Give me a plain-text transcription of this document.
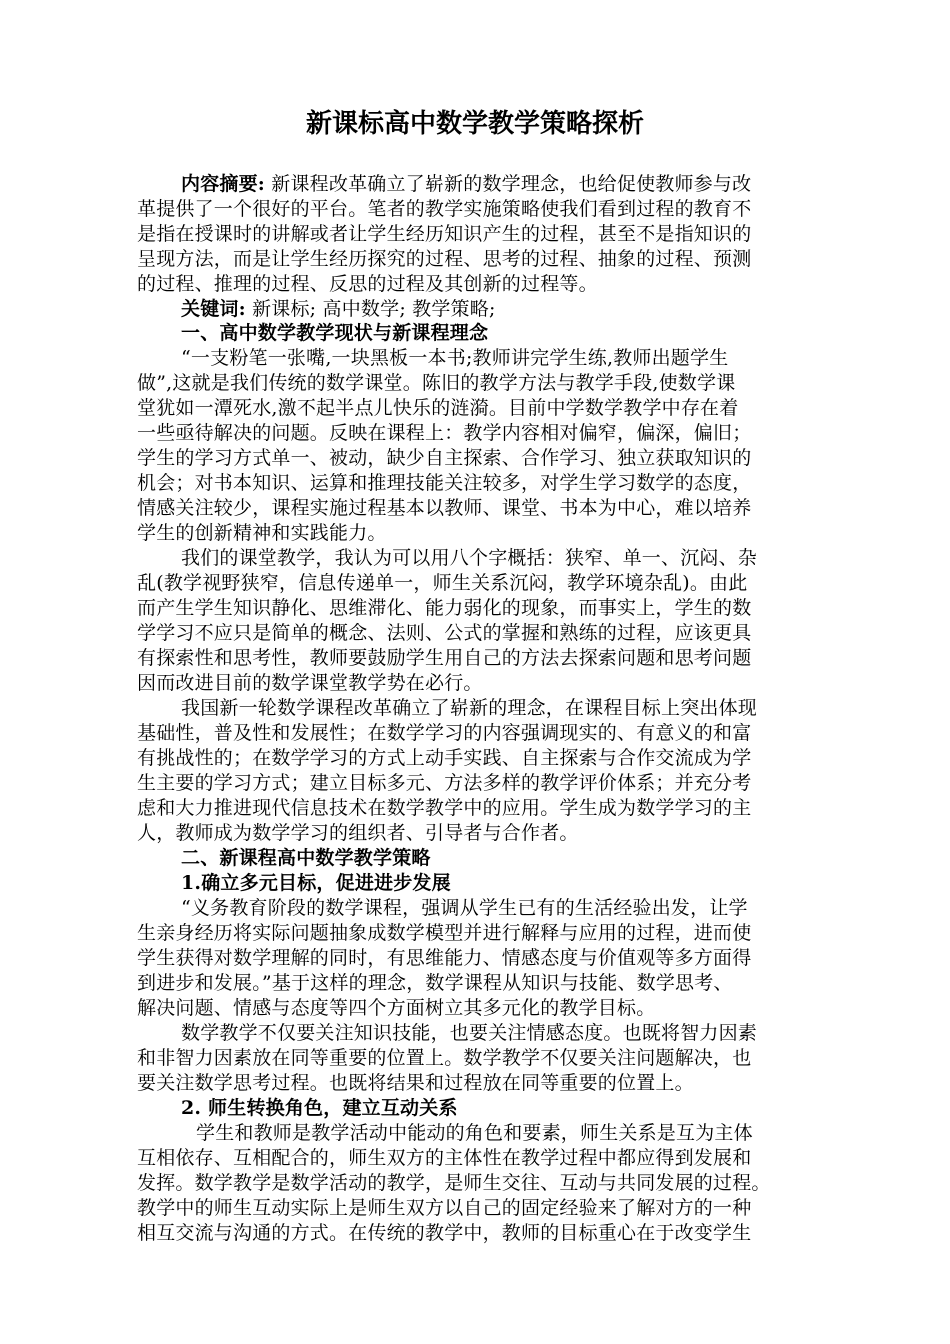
新课标高中数学教学策略探析
内容摘要: 新课程改革确立了崭新的数学理念，也给促使教师参与改
革提供了一个很好的平台。笔者的教学实施策略使我们看到过程的教育不
是指在授课时的讲解或者让学生经历知识产生的过程，甚至不是指知识的
呈现方法，而是让学生经历探究的过程、思考的过程、抽象的过程、预测
的过程、推理的过程、反思的过程及其创新的过程等。
关键词: 新课标; 高中数学; 教学策略;
一、高中数学教学现状与新课程理念
“一支粉笔一张嘴,一块黑板一本书;教师讲完学生练,教师出题学生
做”,这就是我们传统的数学课堂。陈旧的教学方法与教学手段,使数学课
堂犹如一潭死水,激不起半点儿快乐的涟漪。目前中学数学教学中存在着
一些亟待解决的问题。反映在课程上：教学内容相对偏窄，偏深，偏旧；
学生的学习方式单一、被动，缺少自主探索、合作学习、独立获取知识的
机会；对书本知识、运算和推理技能关注较多，对学生学习数学的态度，
情感关注较少，课程实施过程基本以教师、课堂、书本为中心，难以培养
学生的创新精神和实践能力。
我们的课堂教学，我认为可以用八个字概括：狭窄、单一、沉闷、杂
乱(教学视野狭窄，信息传递单一，师生关系沉闷，教学环境杂乱)。由此
而产生学生知识静化、思维滞化、能力弱化的现象，而事实上，学生的数
学学习不应只是简单的概念、法则、公式的掌握和熟练的过程，应该更具
有探索性和思考性，教师要鼓励学生用自己的方法去探索问题和思考问题
因而改进目前的数学课堂教学势在必行。
我国新一轮数学课程改革确立了崭新的理念，在课程目标上突出体现
基础性，普及性和发展性；在数学学习的内容强调现实的、有意义的和富
有挑战性的；在数学学习的方式上动手实践、自主探索与合作交流成为学
生主要的学习方式；建立目标多元、方法多样的教学评价体系；并充分考
虑和大力推进现代信息技术在数学教学中的应用。学生成为数学学习的主
人，教师成为数学学习的组织者、引导者与合作者。
二、新课程高中数学教学策略
1.确立多元目标，促进进步发展
“义务教育阶段的数学课程，强调从学生已有的生活经验出发，让学
生亲身经历将实际问题抽象成数学模型并进行解释与应用的过程，进而使
学生获得对数学理解的同时，有思维能力、情感态度与价值观等多方面得
到进步和发展。”基于这样的理念，数学课程从知识与技能、数学思考、
解决问题、情感与态度等四个方面树立其多元化的教学目标。
数学教学不仅要关注知识技能，也要关注情感态度。也既将智力因素
和非智力因素放在同等重要的位置上。数学教学不仅要关注问题解决，也
要关注数学思考过程。也既将结果和过程放在同等重要的位置上。
2. 师生转换角色，建立互动关系
学生和教师是教学活动中能动的角色和要素，师生关系是互为主体
互相依存、互相配合的，师生双方的主体性在教学过程中都应得到发展和
发挥。数学教学是数学活动的教学，是师生交往、互动与共同发展的过程。
教学中的师生互动实际上是师生双方以自己的固定经验来了解对方的一种
相互交流与沟通的方式。在传统的教学中，教师的目标重心在于改变学生
